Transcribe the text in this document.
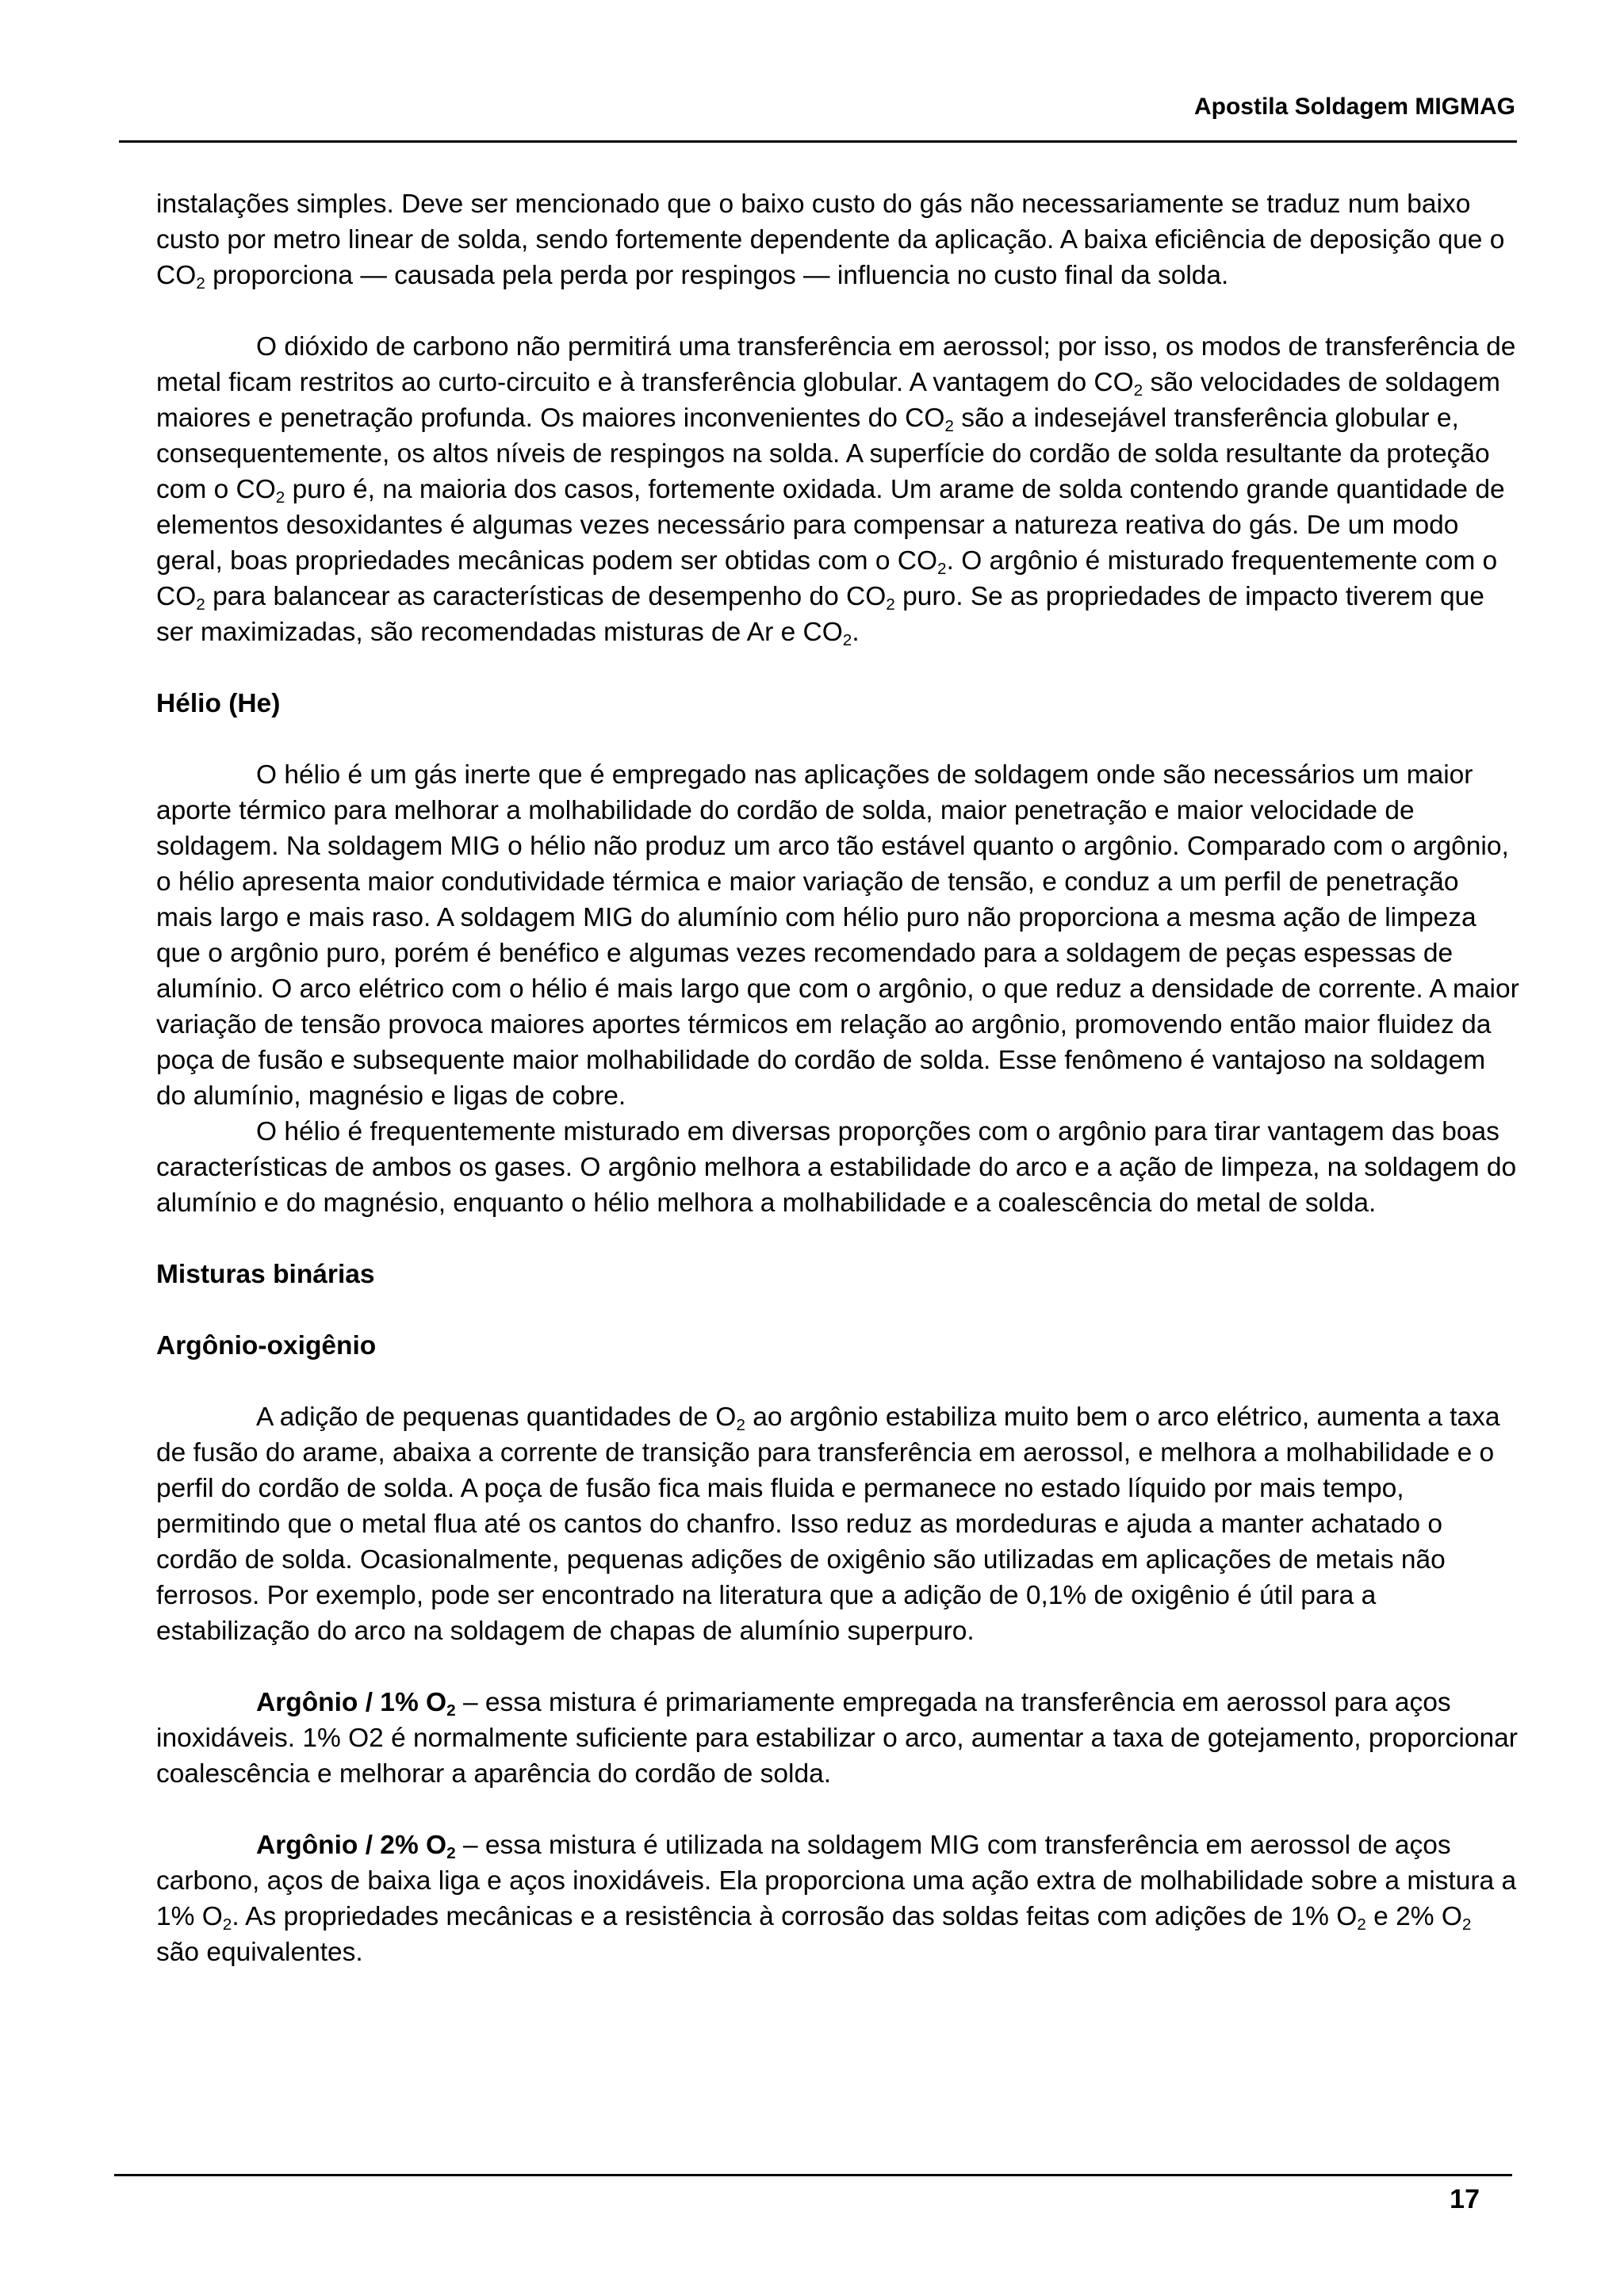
Apostila Soldagem MIGMAG

instalações simples. Deve ser mencionado que o baixo custo do gás não necessariamente se traduz num baixo custo por metro linear de solda, sendo fortemente dependente da aplicação. A baixa eficiência de deposição que o $CO_2$ proporciona — causada pela perda por respingos — influencia no custo final da solda.

O dióxido de carbono não permitirá uma transferência em aerossol; por isso, os modos de transferência de metal ficam restritos ao curto-circuito e à transferência globular. A vantagem do $CO_2$ são velocidades de soldagem maiores e penetração profunda. Os maiores inconvenientes do $CO_2$ são a indesejável transferência globular e, consequentemente, os altos níveis de respingos na solda. A superfície do cordão de solda resultante da proteção com o $CO_2$ puro é, na maioria dos casos, fortemente oxidada. Um arame de solda contendo grande quantidade de elementos desoxidantes é algumas vezes necessário para compensar a natureza reativa do gás. De um modo geral, boas propriedades mecânicas podem ser obtidas com o $CO_2$. O argônio é misturado frequentemente com o $CO_2$ para balancear as características de desempenho do $CO_2$ puro. Se as propriedades de impacto tiverem que ser maximizadas, são recomendadas misturas de Ar e $CO_2$.

Hélio (He)

O hélio é um gás inerte que é empregado nas aplicações de soldagem onde são necessários um maior aporte térmico para melhorar a molhabilidade do cordão de solda, maior penetração e maior velocidade de soldagem. Na soldagem MIG o hélio não produz um arco tão estável quanto o argônio. Comparado com o argônio, o hélio apresenta maior condutividade térmica e maior variação de tensão, e conduz a um perfil de penetração mais largo e mais raso. A soldagem MIG do alumínio com hélio puro não proporciona a mesma ação de limpeza que o argônio puro, porém é benéfico e algumas vezes recomendado para a soldagem de peças espessas de alumínio. O arco elétrico com o hélio é mais largo que com o argônio, o que reduz a densidade de corrente. A maior variação de tensão provoca maiores aportes térmicos em relação ao argônio, promovendo então maior fluidez da poça de fusão e subsequente maior molhabilidade do cordão de solda. Esse fenômeno é vantajoso na soldagem do alumínio, magnésio e ligas de cobre.

O hélio é frequentemente misturado em diversas proporções com o argônio para tirar vantagem das boas características de ambos os gases. O argônio melhora a estabilidade do arco e a ação de limpeza, na soldagem do alumínio e do magnésio, enquanto o hélio melhora a molhabilidade e a coalescência do metal de solda.

Misturas binárias

Argônio-oxigênio

A adição de pequenas quantidades de $O_2$ ao argônio estabiliza muito bem o arco elétrico, aumenta a taxa de fusão do arame, abaixa a corrente de transição para transferência em aerossol, e melhora a molhabilidade e o perfil do cordão de solda. A poça de fusão fica mais fluida e permanece no estado líquido por mais tempo, permitindo que o metal flua até os cantos do chanfro. Isso reduz as mordeduras e ajuda a manter achatado o cordão de solda. Ocasionalmente, pequenas adições de oxigênio são utilizadas em aplicações de metais não ferrosos. Por exemplo, pode ser encontrado na literatura que a adição de 0,1% de oxigênio é útil para a estabilização do arco na soldagem de chapas de alumínio superpuro.

Argônio / 1% $O_2$ – essa mistura é primariamente empregada na transferência em aerossol para aços inoxidáveis. 1% O2 é normalmente suficiente para estabilizar o arco, aumentar a taxa de gotejamento, proporcionar coalescência e melhorar a aparência do cordão de solda.

Argônio / 2% $O_2$ – essa mistura é utilizada na soldagem MIG com transferência em aerossol de aços carbono, aços de baixa liga e aços inoxidáveis. Ela proporciona uma ação extra de molhabilidade sobre a mistura a 1% $O_2$. As propriedades mecânicas e a resistência à corrosão das soldas feitas com adições de 1% $O_2$ e 2% $O_2$ são equivalentes.

17
